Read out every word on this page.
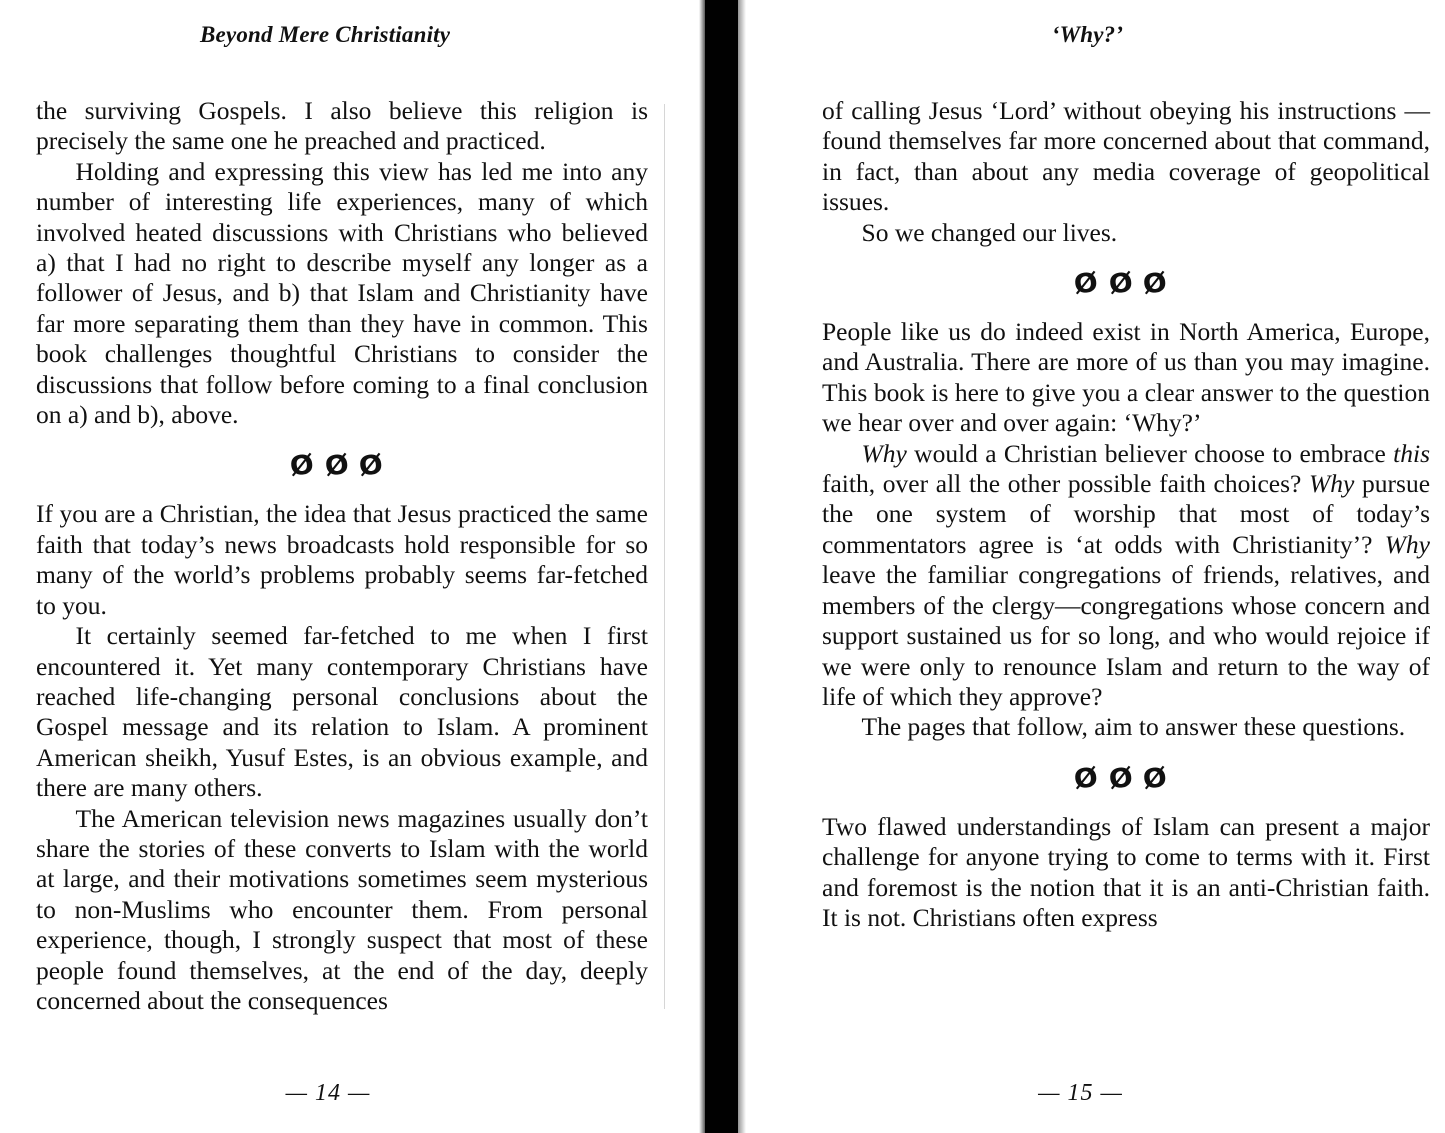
Beyond Mere Christianity

the surviving Gospels. I also believe this religion is precisely the same one he preached and practiced.

Holding and expressing this view has led me into any number of interesting life experiences, many of which involved heated discussions with Christians who believed a) that I had no right to describe myself any longer as a follower of Jesus, and b) that Islam and Christianity have far more separating them than they have in common. This book challenges thoughtful Christians to consider the discussions that follow before coming to a final conclusion on a) and b), above.

ØØØ

If you are a Christian, the idea that Jesus practiced the same faith that today’s news broadcasts hold responsible for so many of the world’s problems probably seems far-fetched to you.

It certainly seemed far-fetched to me when I first encountered it. Yet many contemporary Christians have reached life-changing personal conclusions about the Gospel message and its relation to Islam. A prominent American sheikh, Yusuf Estes, is an obvious example, and there are many others.

The American television news magazines usually don’t share the stories of these converts to Islam with the world at large, and their motivations sometimes seem mysterious to non-Muslims who encounter them. From personal experience, though, I strongly suspect that most of these people found themselves, at the end of the day, deeply concerned about the consequences

— 14 —
‘Why?’

of calling Jesus ‘Lord’ without obeying his instructions — found themselves far more concerned about that command, in fact, than about any media coverage of geopolitical issues.

So we changed our lives.

ØØØ

People like us do indeed exist in North America, Europe, and Australia. There are more of us than you may imagine. This book is here to give you a clear answer to the question we hear over and over again: ‘Why?’

Why would a Christian believer choose to embrace this faith, over all the other possible faith choices? Why pursue the one system of worship that most of today’s commentators agree is ‘at odds with Christianity’? Why leave the familiar congregations of friends, relatives, and members of the clergy—congregations whose concern and support sustained us for so long, and who would rejoice if we were only to renounce Islam and return to the way of life of which they approve?

The pages that follow, aim to answer these questions.

ØØØ

Two flawed understandings of Islam can present a major challenge for anyone trying to come to terms with it. First and foremost is the notion that it is an anti-Christian faith. It is not. Christians often express

— 15 —
